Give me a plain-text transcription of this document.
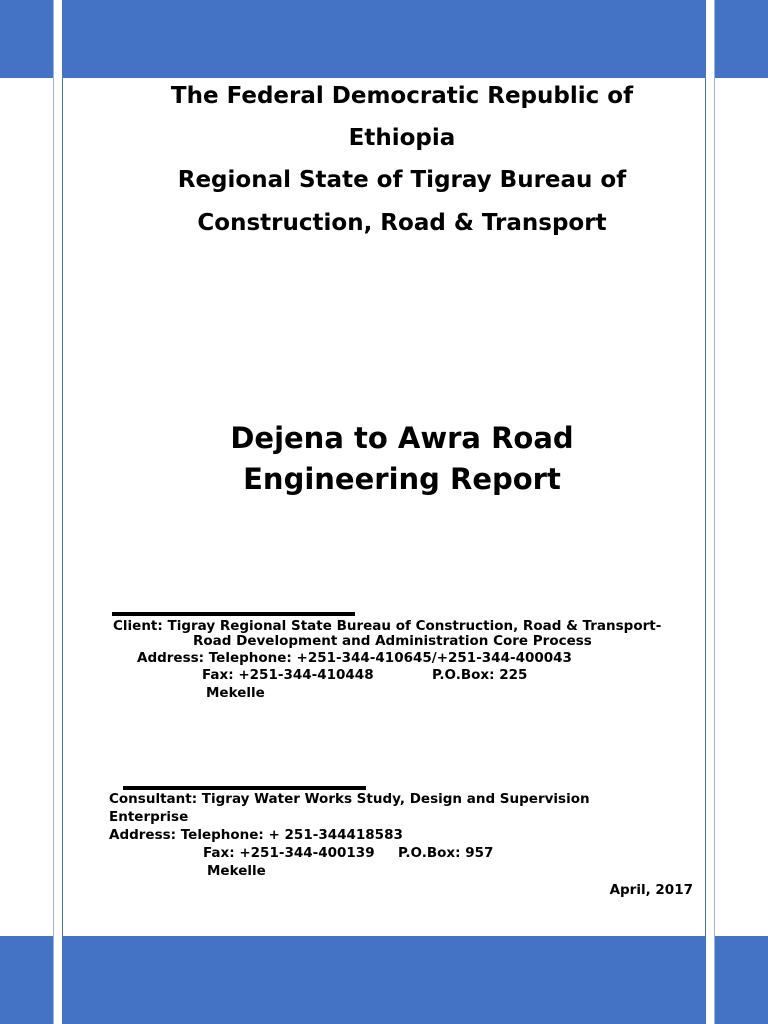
The Federal Democratic Republic of
Ethiopia
Regional State of Tigray Bureau of
Construction, Road & Transport
Dejena to Awra Road
Engineering Report
Client: Tigray Regional State Bureau of Construction, Road & Transport-
Road Development and Administration Core Process
Address: Telephone: +251-344-410645/+251-344-400043
Fax: +251-344-410448	P.O.Box: 225
Mekelle
Consultant: Tigray Water Works Study, Design and Supervision
Enterprise
Address: Telephone: + 251-344418583
Fax: +251-344-400139 P.O.Box: 957
Mekelle
April, 2017
